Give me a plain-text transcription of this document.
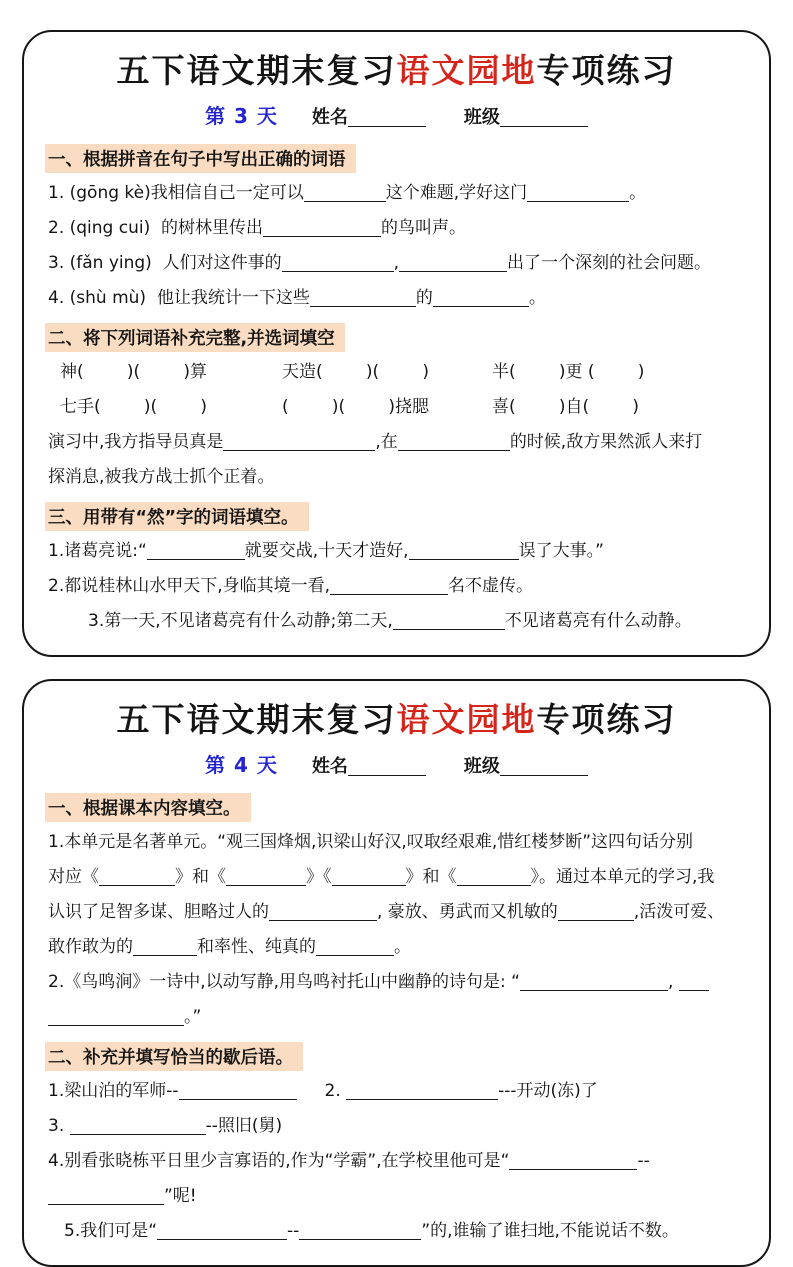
五下语文期末复习语文园地专项练习
第 3 天 姓名	班级
一、根据拼音在句子中写出正确的词语

1. (gōng kè)我相信自己一定可以	这个难题,学好这门	。

2. (qing cui)  的树林里传出	的鸟叫声。

3. (fǎn ying)  人们对这件事的	,	出了一个深刻的社会问题。

4. (shù mù)  他让我统计一下这些	的	。

二、将下列词语补充完整,并选词填空

神(        )(        )算	天造(        )(        )	半(        )更 (        )

七手(        )(        )	(        )(        )挠腮	喜(        )自(        )

演习中,我方指导员真是	,在	的时候,敌方果然派人来打

探消息,被我方战士抓个正着。

三、用带有“然”字的词语填空。

1.诸葛亮说:“	就要交战,十天才造好,	误了大事。”

2.都说桂林山水甲天下,身临其境一看,	名不虚传。

3.第一天,不见诸葛亮有什么动静;第二天,	不见诸葛亮有什么动静。

五下语文期末复习语文园地专项练习
第 4 天 姓名	班级
一、根据课本内容填空。

1.本单元是名著单元。“观三国烽烟,识梁山好汉,叹取经艰难,惜红楼梦断”这四句话分别

对应《	》和《	》《	》和《	》。通过本单元的学习,我

认识了足智多谋、胆略过人的	, 豪放、勇武而又机敏的	,活泼可爱、

敢作敢为的	和率性、纯真的	。

2.《鸟鸣涧》一诗中,以动写静,用鸟鸣衬托山中幽静的诗句是: “	,

。”

二、补充并填写恰当的歇后语。

1.梁山泊的军师--	2.	---开动(冻)了

3.	--照旧(舅)

4.别看张晓栋平日里少言寡语的,作为“学霸”,在学校里他可是“	--

”呢!

5.我们可是“	--	”的,谁输了谁扫地,不能说话不数。
